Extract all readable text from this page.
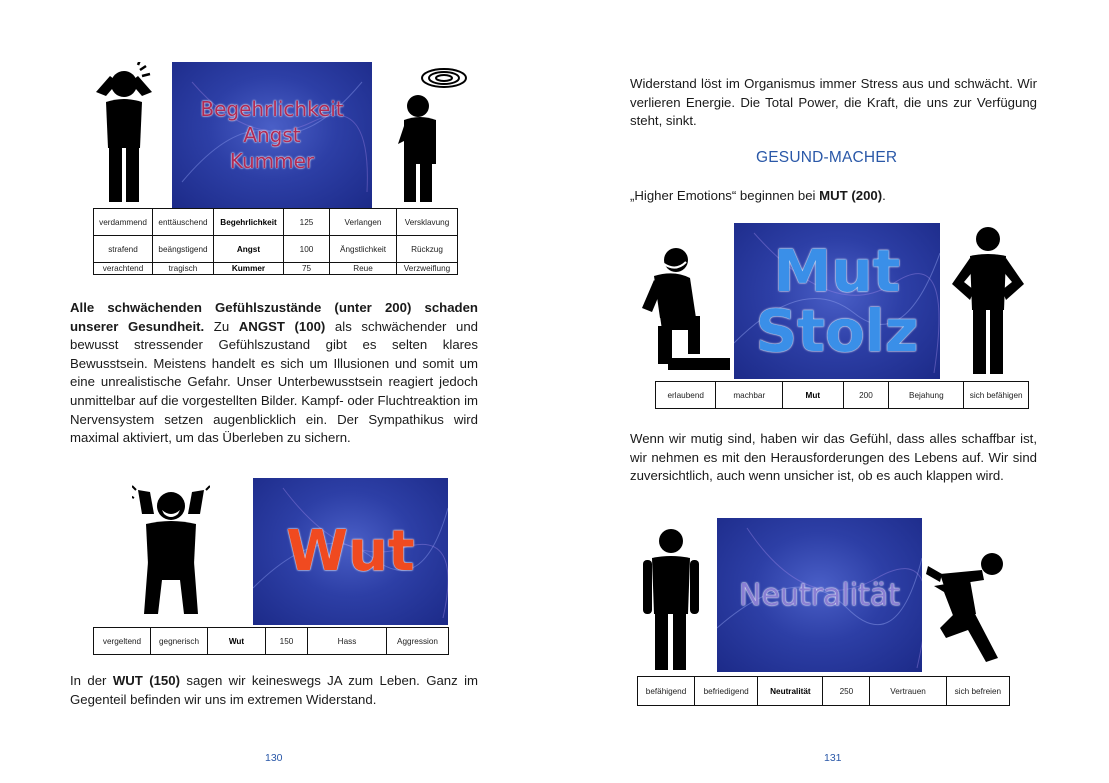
Begehrlichkeit
Angst
Kummer
verdammend	enttäuschend	Begehrlichkeit	125	Verlangen	Versklavung
strafend	beängstigend	Angst	100	Ängstlichkeit	Rückzug
verachtend	tragisch	Kummer	75	Reue	Verzweiflung

Alle schwächenden Gefühlszustände (unter 200) schaden unserer Gesundheit. Zu ANGST (100) als schwächender und bewusst stressender Gefühlszustand gibt es selten klares Bewusstsein. Meistens handelt es sich um Illusionen und somit um eine unrealistische Gefahr. Unser Unterbewusstsein reagiert jedoch unmittelbar auf die vorgestellten Bilder. Kampf- oder Fluchtreaktion im Nervensystem setzen augenblicklich ein. Der Sympathikus wird maximal aktiviert, um das Überleben zu sichern.

Wut
vergeltend	gegnerisch	Wut	150	Hass	Aggression

In der WUT (150) sagen wir keineswegs JA zum Leben. Ganz im Gegenteil befinden wir uns im extremen Widerstand.

130

Widerstand löst im Organismus immer Stress aus und schwächt. Wir verlieren Energie. Die Total Power, die Kraft, die uns zur Verfügung steht, sinkt.

GESUND-MACHER

„Higher Emotions“ beginnen bei MUT (200).

Mut
Stolz
erlaubend	machbar	Mut	200	Bejahung	sich befähigen

Wenn wir mutig sind, haben wir das Gefühl, dass alles schaffbar ist, wir nehmen es mit den Herausforderungen des Lebens auf. Wir sind zuversichtlich, auch wenn unsicher ist, ob es auch klappen wird.

Neutralität
befähigend	befriedigend	Neutralität	250	Vertrauen	sich befreien
131
